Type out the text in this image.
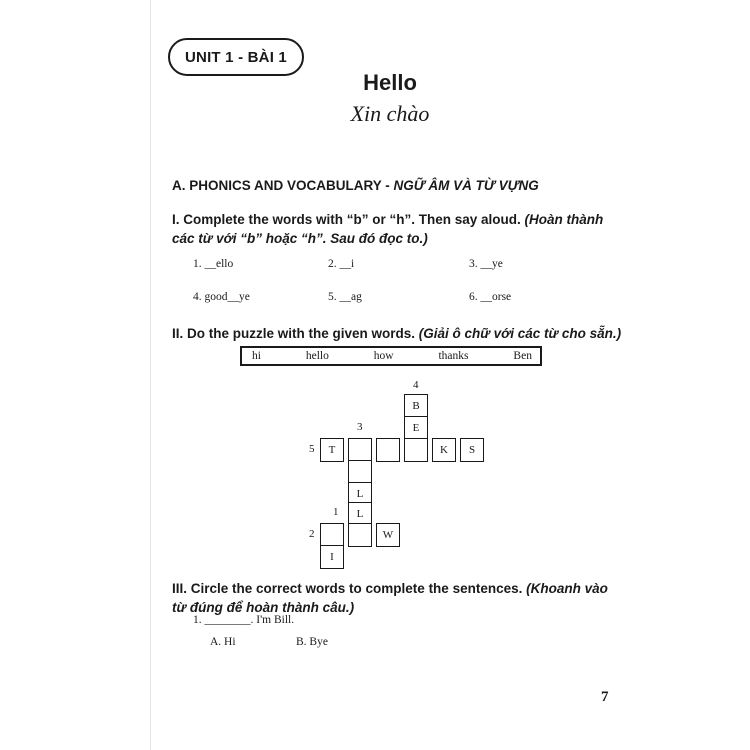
UNIT 1 - BÀI 1
Hello
Xin chào
A. PHONICS AND VOCABULARY - NGỮ ÂM VÀ TỪ VỰNG
I. Complete the words with “b” or “h”. Then say aloud. (Hoàn thành các từ với “b” hoặc “h”. Sau đó đọc to.)
1. __ello	2. __i	3. __ye
4. good__ye	5. __ag	6. __orse
II. Do the puzzle with the given words. (Giải ô chữ với các từ cho sẵn.)
hi	hello	how	thanks	Ben
4
3
5
1
2
B
E
T	K	S
L
L
W
I
III. Circle the correct words to complete the sentences. (Khoanh vào từ đúng để hoàn thành câu.)
1. ________. I'm Bill.
A. Hi	B. Bye
7
